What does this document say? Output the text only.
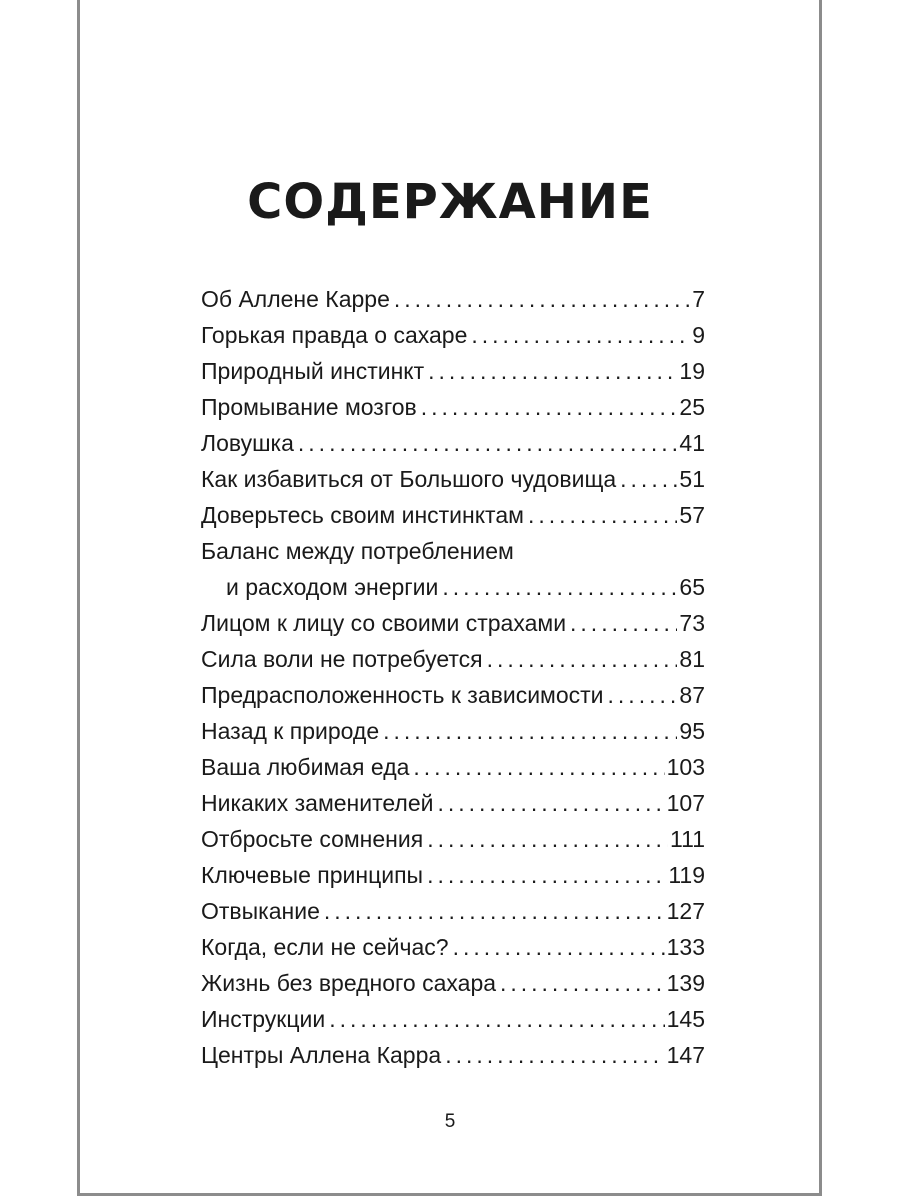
СОДЕРЖАНИЕ
Об Аллене Карре . . .	7
Горькая правда о сахаре . . .	9
Природный инстинкт . . .	19
Промывание мозгов . . .	25
Ловушка . . .	41
Как избавиться от Большого чудовища . . .	51
Доверьтесь своим инстинктам . . .	57
Баланс между потреблением
и расходом энергии . . .	65
Лицом к лицу со своими страхами . . .	73
Сила воли не потребуется . . .	81
Предрасположенность к зависимости . . .	87
Назад к природе . . .	95
Ваша любимая еда . . .	103
Никаких заменителей . . .	107
Отбросьте сомнения . . .	111
Ключевые принципы . . .	119
Отвыкание . . .	127
Когда, если не сейчас? . . .	133
Жизнь без вредного сахара . . .	139
Инструкции . . .	145
Центры Аллена Карра . . .	147
5
